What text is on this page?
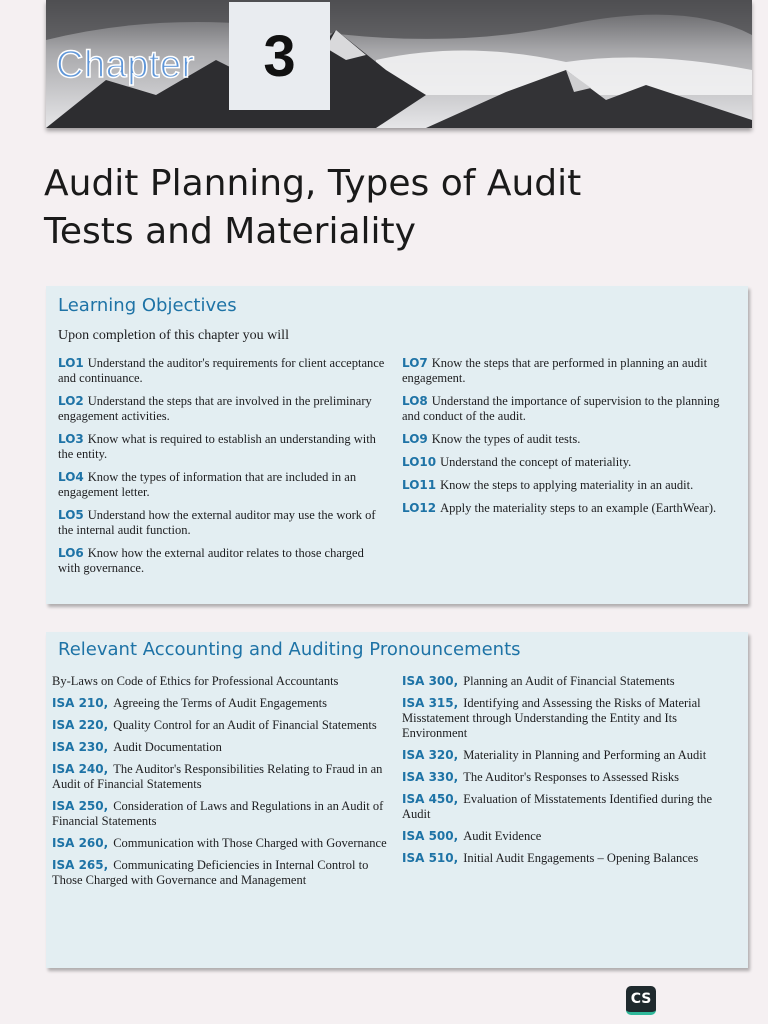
Chapter	3
Audit Planning, Types of Audit
Tests and Materiality
Learning Objectives
Upon completion of this chapter you will
LO1 Understand the auditor's requirements for client acceptance and continuance.
LO2 Understand the steps that are involved in the preliminary engagement activities.
LO3 Know what is required to establish an understanding with the entity.
LO4 Know the types of information that are included in an engagement letter.
LO5 Understand how the external auditor may use the work of the internal audit function.
LO6 Know how the external auditor relates to those charged with governance.
LO7 Know the steps that are performed in planning an audit engagement.
LO8 Understand the importance of supervision to the planning and conduct of the audit.
LO9 Know the types of audit tests.
LO10 Understand the concept of materiality.
LO11 Know the steps to applying materiality in an audit.
LO12 Apply the materiality steps to an example (EarthWear).
Relevant Accounting and Auditing Pronouncements
By-Laws on Code of Ethics for Professional Accountants
ISA 210, Agreeing the Terms of Audit Engagements
ISA 220, Quality Control for an Audit of Financial Statements
ISA 230, Audit Documentation
ISA 240, The Auditor's Responsibilities Relating to Fraud in an Audit of Financial Statements
ISA 250, Consideration of Laws and Regulations in an Audit of Financial Statements
ISA 260, Communication with Those Charged with Governance
ISA 265, Communicating Deficiencies in Internal Control to Those Charged with Governance and Management
ISA 300, Planning an Audit of Financial Statements
ISA 315, Identifying and Assessing the Risks of Material Misstatement through Understanding the Entity and Its Environment
ISA 320, Materiality in Planning and Performing an Audit
ISA 330, The Auditor's Responses to Assessed Risks
ISA 450, Evaluation of Misstatements Identified during the Audit
ISA 500, Audit Evidence
ISA 510, Initial Audit Engagements – Opening Balances
CS
